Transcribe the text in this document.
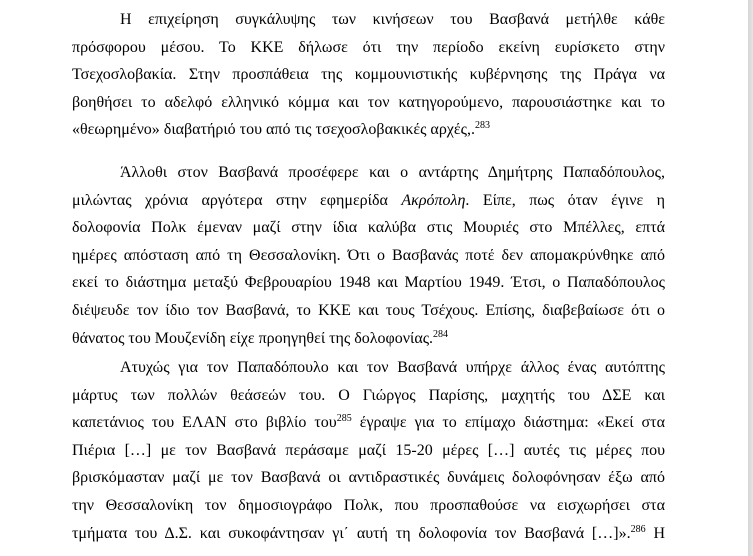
Η επιχείρηση συγκάλυψης των κινήσεων του Βασβανά μετήλθε κάθε
πρόσφορου μέσου. Το ΚΚΕ δήλωσε ότι την περίοδο εκείνη ευρίσκετο στην
Τσεχοσλοβακία. Στην προσπάθεια της κομμουνιστικής κυβέρνησης της Πράγα να
βοηθήσει το αδελφό ελληνικό κόμμα και τον κατηγορούμενο, παρουσιάστηκε και το
«θεωρημένο» διαβατήριό του από τις τσεχοσλοβακικές αρχές,.$^{283}$
Άλλοθι στον Βασβανά προσέφερε και ο αντάρτης Δημήτρης Παπαδόπουλος,
μιλώντας χρόνια αργότερα στην εφημερίδα Ακρόπολη. Είπε, πως όταν έγινε η
δολοφονία Πολκ έμεναν μαζί στην ίδια καλύβα στις Μουριές στο Μπέλλες, επτά
ημέρες απόσταση από τη Θεσσαλονίκη. Ότι ο Βασβανάς ποτέ δεν απομακρύνθηκε από
εκεί το διάστημα μεταξύ Φεβρουαρίου 1948 και Μαρτίου 1949. Έτσι, ο Παπαδόπουλος
διέψευδε τον ίδιο τον Βασβανά, το ΚΚΕ και τους Τσέχους. Επίσης, διαβεβαίωσε ότι ο
θάνατος του Μουζενίδη είχε προηγηθεί της δολοφονίας.$^{284}$
Ατυχώς για τον Παπαδόπουλο και τον Βασβανά υπήρχε άλλος ένας αυτόπτης
μάρτυς των πολλών θεάσεών του. Ο Γιώργος Παρίσης, μαχητής του ΔΣΕ και
καπετάνιος του ΕΛΑΝ στο βιβλίο του$^{285}$ έγραψε για το επίμαχο διάστημα: «Εκεί στα
Πιέρια […] με τον Βασβανά περάσαμε μαζί 15-20 μέρες […] αυτές τις μέρες που
βρισκόμασταν μαζί με τον Βασβανά οι αντιδραστικές δυνάμεις δολοφόνησαν έξω από
την Θεσσαλονίκη τον δημοσιογράφο Πολκ, που προσπαθούσε να εισχωρήσει στα
τμήματα του Δ.Σ. και συκοφάντησαν γι΄ αυτή τη δολοφονία τον Βασβανά […]».$^{286}$ Η
